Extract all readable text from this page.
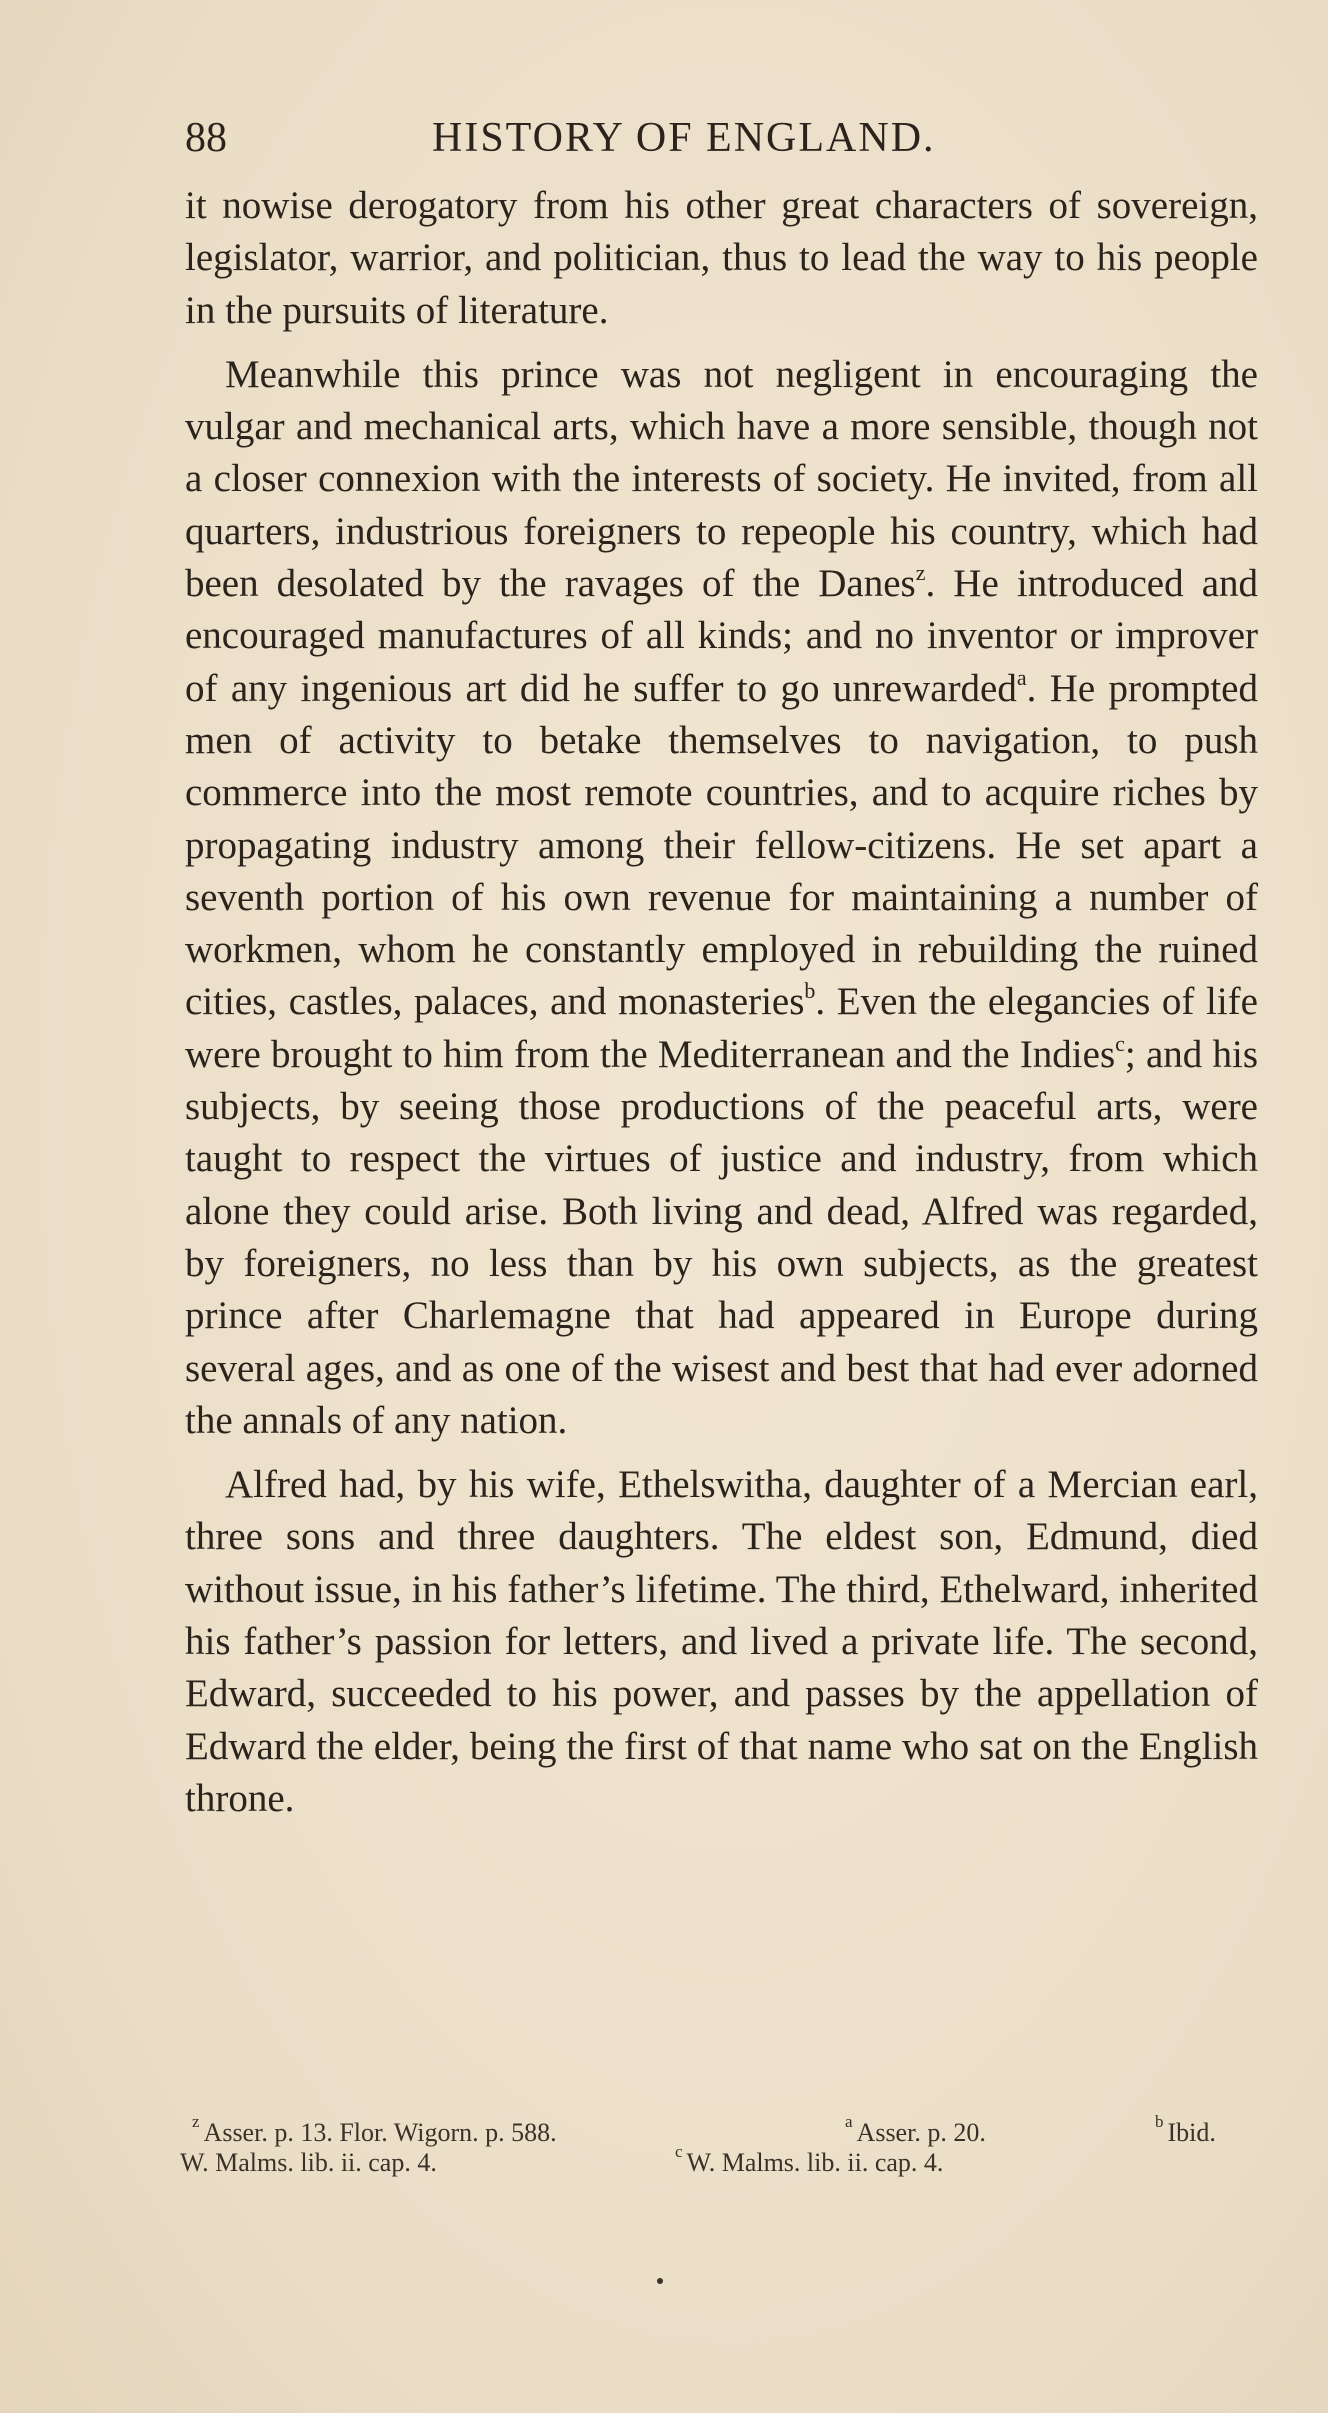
88	HISTORY OF ENGLAND.

it nowise derogatory from his other great characters of sovereign, legislator, warrior, and politician, thus to lead the way to his people in the pursuits of literature.

Meanwhile this prince was not negligent in encouraging the vulgar and mechanical arts, which have a more sensible, though not a closer connexion with the interests of society. He invited, from all quarters, industrious foreigners to repeople his country, which had been desolated by the ravages of the Danes$^z$. He introduced and encouraged manufactures of all kinds; and no inventor or improver of any ingenious art did he suffer to go unrewarded$^a$. He prompted men of activity to betake themselves to navigation, to push commerce into the most remote countries, and to acquire riches by propagating industry among their fellow-citizens. He set apart a seventh portion of his own revenue for maintaining a number of workmen, whom he constantly employed in rebuilding the ruined cities, castles, palaces, and monasteries$^b$. Even the elegancies of life were brought to him from the Mediterranean and the Indies$^c$; and his subjects, by seeing those productions of the peaceful arts, were taught to respect the virtues of justice and industry, from which alone they could arise. Both living and dead, Alfred was regarded, by foreigners, no less than by his own subjects, as the greatest prince after Charlemagne that had appeared in Europe during several ages, and as one of the wisest and best that had ever adorned the annals of any nation.

Alfred had, by his wife, Ethelswitha, daughter of a Mercian earl, three sons and three daughters. The eldest son, Edmund, died without issue, in his father’s lifetime. The third, Ethelward, inherited his father’s passion for letters, and lived a private life. The second, Edward, succeeded to his power, and passes by the appellation of Edward the elder, being the first of that name who sat on the English throne.

$^z$ Asser. p. 13. Flor. Wigorn. p. 588.	$^a$ Asser. p. 20.	$^b$ Ibid.
W. Malms. lib. ii. cap. 4.	$^c$ W. Malms. lib. ii. cap. 4.
